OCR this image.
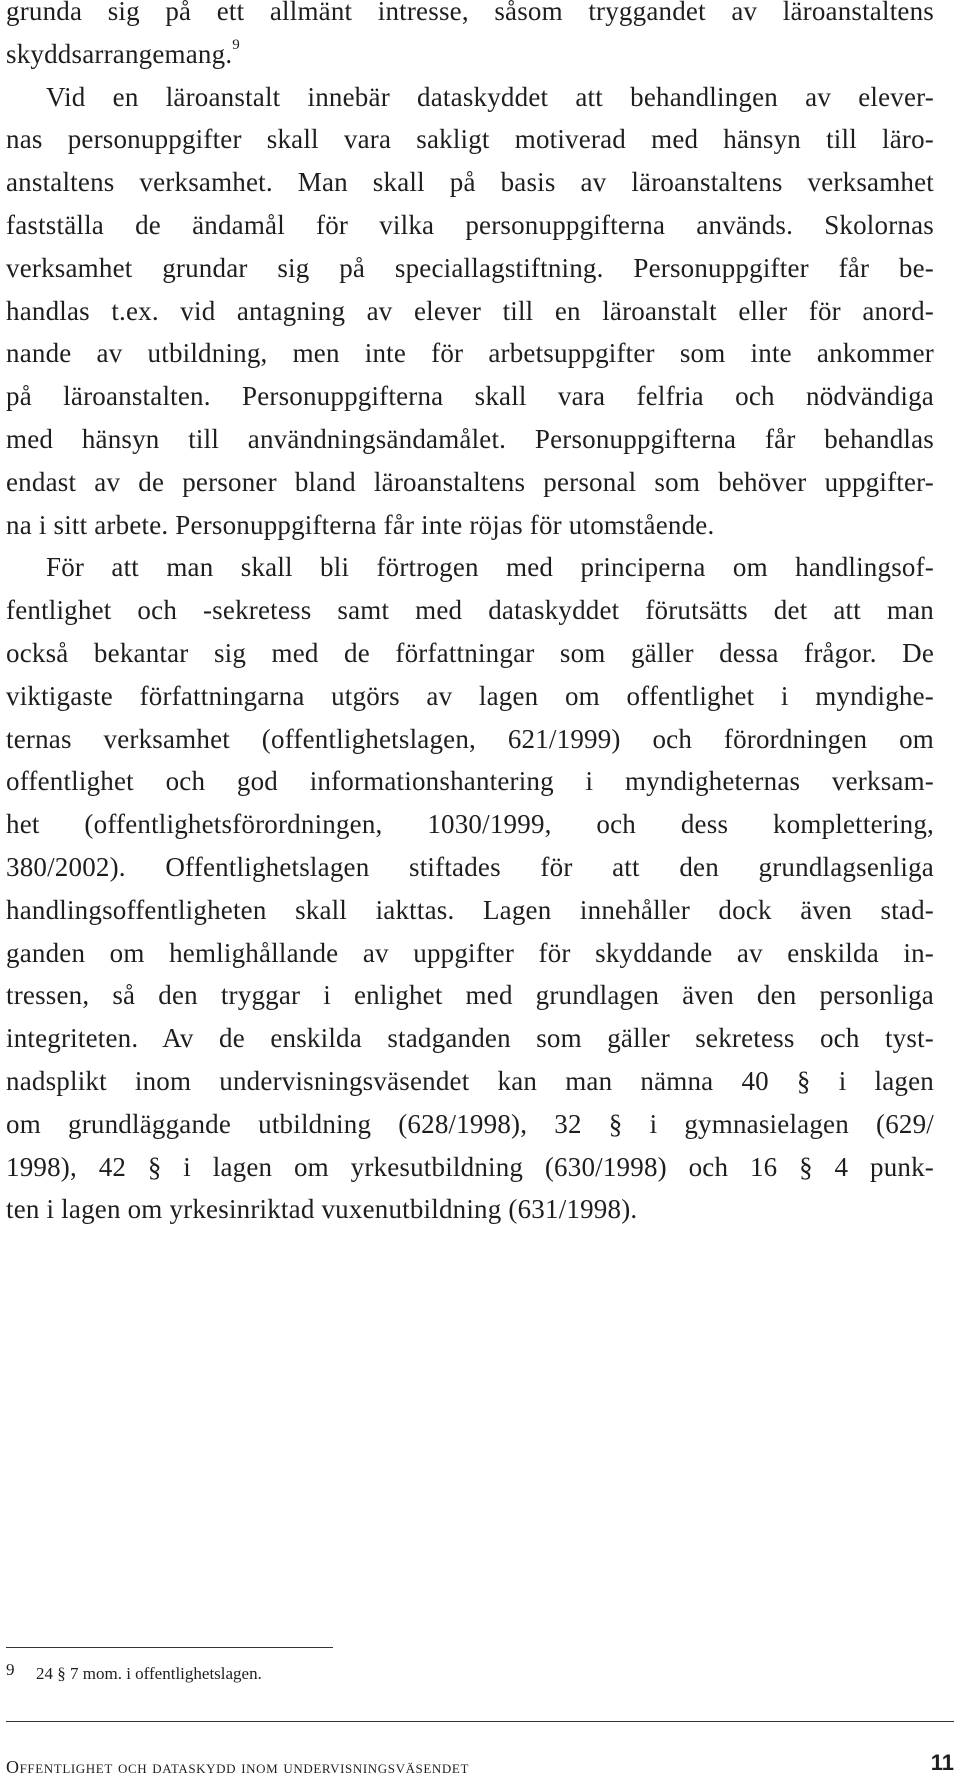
grunda sig på ett allmänt intresse, såsom tryggandet av läroanstaltens
skyddsarrangemang.$^9$
Vid en läroanstalt innebär dataskyddet att behandlingen av elever-
nas personuppgifter skall vara sakligt motiverad med hänsyn till läro-
anstaltens verksamhet. Man skall på basis av läroanstaltens verksamhet
fastställa de ändamål för vilka personuppgifterna används. Skolornas
verksamhet grundar sig på speciallagstiftning. Personuppgifter får be-
handlas t.ex. vid antagning av elever till en läroanstalt eller för anord-
nande av utbildning, men inte för arbetsuppgifter som inte ankommer
på läroanstalten. Personuppgifterna skall vara felfria och nödvändiga
med hänsyn till användningsändamålet. Personuppgifterna får behandlas
endast av de personer bland läroanstaltens personal som behöver uppgifter-
na i sitt arbete. Personuppgifterna får inte röjas för utomstående.
För att man skall bli förtrogen med principerna om handlingsof-
fentlighet och -sekretess samt med dataskyddet förutsätts det att man
också bekantar sig med de författningar som gäller dessa frågor. De
viktigaste författningarna utgörs av lagen om offentlighet i myndighe-
ternas verksamhet (offentlighetslagen, 621/1999) och förordningen om
offentlighet och god informationshantering i myndigheternas verksam-
het (offentlighetsförordningen, 1030/1999, och dess komplettering,
380/2002). Offentlighetslagen stiftades för att den grundlagsenliga
handlingsoffentligheten skall iakttas. Lagen innehåller dock även stad-
ganden om hemlighållande av uppgifter för skyddande av enskilda in-
tressen, så den tryggar i enlighet med grundlagen även den personliga
integriteten. Av de enskilda stadganden som gäller sekretess och tyst-
nadsplikt inom undervisningsväsendet kan man nämna 40 § i lagen
om grundläggande utbildning (628/1998), 32 § i gymnasielagen (629/
1998), 42 § i lagen om yrkesutbildning (630/1998) och 16 § 4 punk-
ten i lagen om yrkesinriktad vuxenutbildning (631/1998).
9 24 § 7 mom. i offentlighetslagen.
Offentlighet och dataskydd inom undervisningsväsendet	11
